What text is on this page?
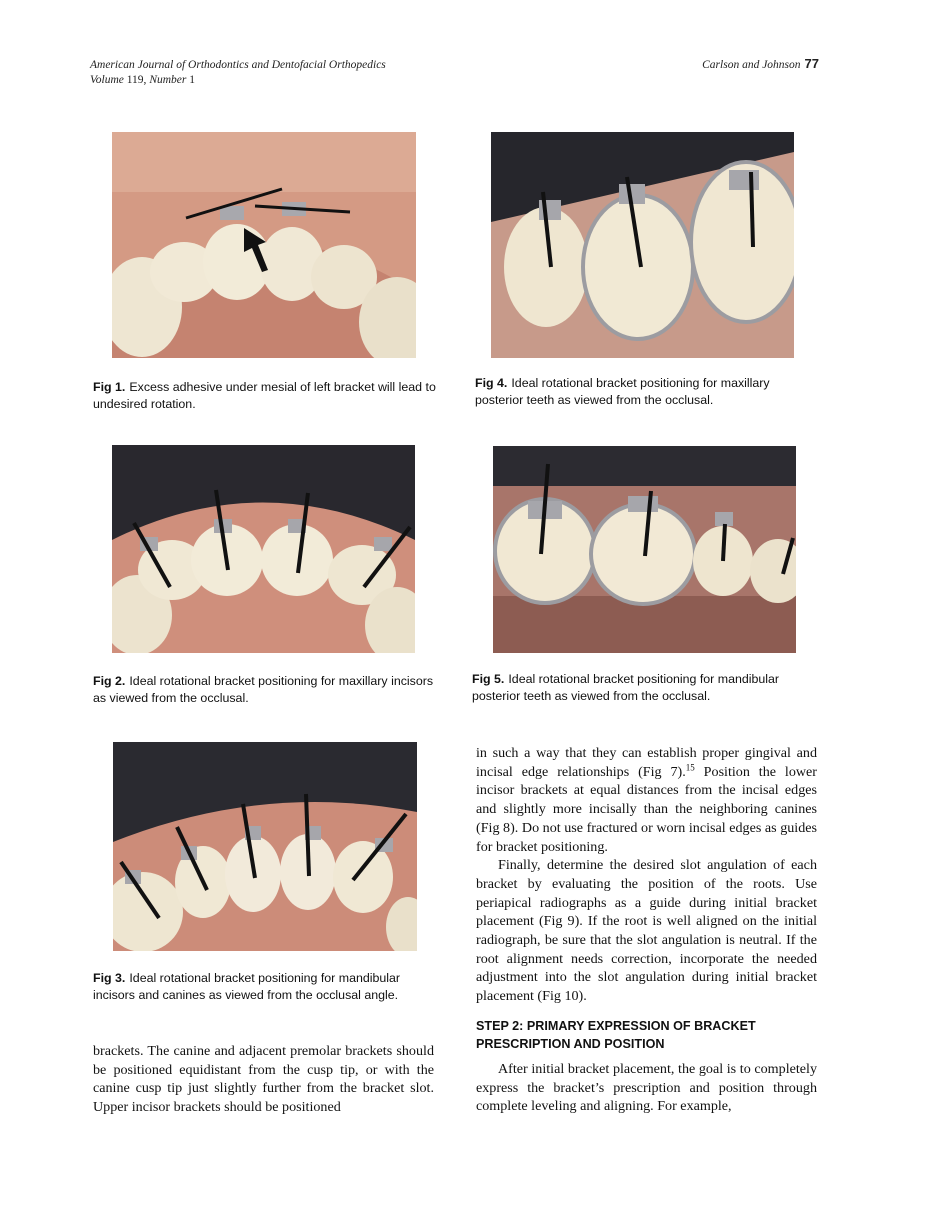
American Journal of Orthodontics and Dentofacial Orthopedics
Volume 119, Number 1
Carlson and Johnson 77
Fig 1. Excess adhesive under mesial of left bracket will lead to undesired rotation.
Fig 4. Ideal rotational bracket positioning for maxillary posterior teeth as viewed from the occlusal.
Fig 2. Ideal rotational bracket positioning for maxillary incisors as viewed from the occlusal.
Fig 5. Ideal rotational bracket positioning for mandibular posterior teeth as viewed from the occlusal.
Fig 3. Ideal rotational bracket positioning for mandibular incisors and canines as viewed from the occlusal angle.

brackets. The canine and adjacent premolar brackets should be positioned equidistant from the cusp tip, or with the canine cusp tip just slightly further from the bracket slot. Upper incisor brackets should be positioned

in such a way that they can establish proper gingival and incisal edge relationships (Fig 7).$^{15}$ Position the lower incisor brackets at equal distances from the incisal edges and slightly more incisally than the neighboring canines (Fig 8). Do not use fractured or worn incisal edges as guides for bracket positioning.

Finally, determine the desired slot angulation of each bracket by evaluating the position of the roots. Use periapical radiographs as a guide during initial bracket placement (Fig 9). If the root is well aligned on the initial radiograph, be sure that the slot angulation is neutral. If the root alignment needs correction, incorporate the needed adjustment into the slot angulation during initial bracket placement (Fig 10).

STEP 2: PRIMARY EXPRESSION OF BRACKET PRESCRIPTION AND POSITION

After initial bracket placement, the goal is to completely express the bracket’s prescription and position through complete leveling and aligning. For example,
